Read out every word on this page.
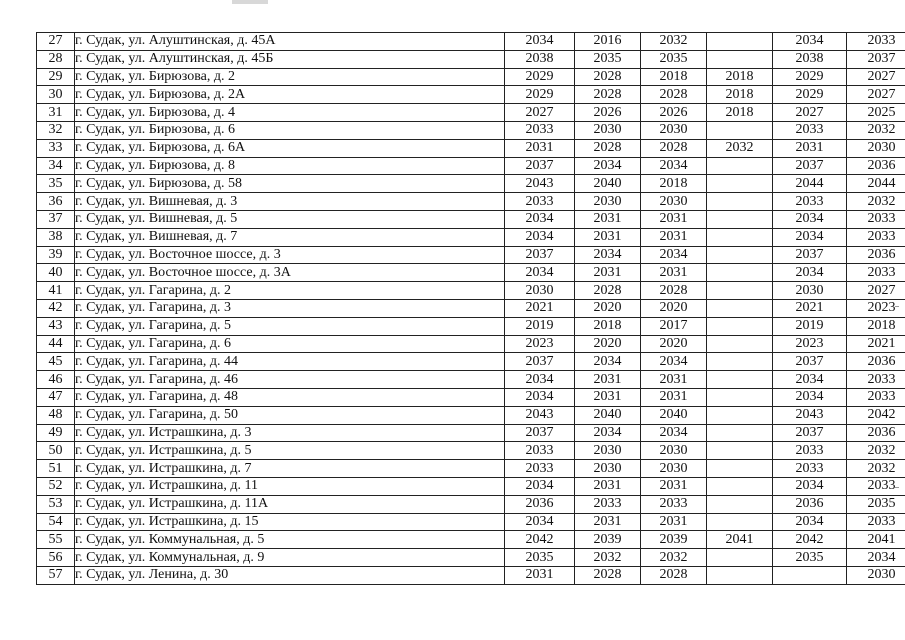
27	г. Судак, ул. Алуштинская, д. 45А	2034	2016	2032		2034	2033
28	г. Судак, ул. Алуштинская, д. 45Б	2038	2035	2035		2038	2037
29	г. Судак, ул. Бирюзова, д. 2	2029	2028	2018	2018	2029	2027
30	г. Судак, ул. Бирюзова, д. 2А	2029	2028	2028	2018	2029	2027
31	г. Судак, ул. Бирюзова, д. 4	2027	2026	2026	2018	2027	2025
32	г. Судак, ул. Бирюзова, д. 6	2033	2030	2030		2033	2032
33	г. Судак, ул. Бирюзова, д. 6А	2031	2028	2028	2032	2031	2030
34	г. Судак, ул. Бирюзова, д. 8	2037	2034	2034		2037	2036
35	г. Судак, ул. Бирюзова, д. 58	2043	2040	2018		2044	2044
36	г. Судак, ул. Вишневая, д. 3	2033	2030	2030		2033	2032
37	г. Судак, ул. Вишневая, д. 5	2034	2031	2031		2034	2033
38	г. Судак, ул. Вишневая, д. 7	2034	2031	2031		2034	2033
39	г. Судак, ул. Восточное шоссе, д. 3	2037	2034	2034		2037	2036
40	г. Судак, ул. Восточное шоссе, д. 3А	2034	2031	2031		2034	2033
41	г. Судак, ул. Гагарина, д. 2	2030	2028	2028		2030	2027
42	г. Судак, ул. Гагарина, д. 3	2021	2020	2020		2021	2023
43	г. Судак, ул. Гагарина, д. 5	2019	2018	2017		2019	2018
44	г. Судак, ул. Гагарина, д. 6	2023	2020	2020		2023	2021
45	г. Судак, ул. Гагарина, д. 44	2037	2034	2034		2037	2036
46	г. Судак, ул. Гагарина, д. 46	2034	2031	2031		2034	2033
47	г. Судак, ул. Гагарина, д. 48	2034	2031	2031		2034	2033
48	г. Судак, ул. Гагарина, д. 50	2043	2040	2040		2043	2042
49	г. Судак, ул. Истрашкина, д. 3	2037	2034	2034		2037	2036
50	г. Судак, ул. Истрашкина, д. 5	2033	2030	2030		2033	2032
51	г. Судак, ул. Истрашкина, д. 7	2033	2030	2030		2033	2032
52	г. Судак, ул. Истрашкина, д. 11	2034	2031	2031		2034	2033
53	г. Судак, ул. Истрашкина, д. 11А	2036	2033	2033		2036	2035
54	г. Судак, ул. Истрашкина, д. 15	2034	2031	2031		2034	2033
55	г. Судак, ул. Коммунальная, д. 5	2042	2039	2039	2041	2042	2041
56	г. Судак, ул. Коммунальная, д. 9	2035	2032	2032		2035	2034
57	г. Судак, ул. Ленина, д. 30	2031	2028	2028			2030
